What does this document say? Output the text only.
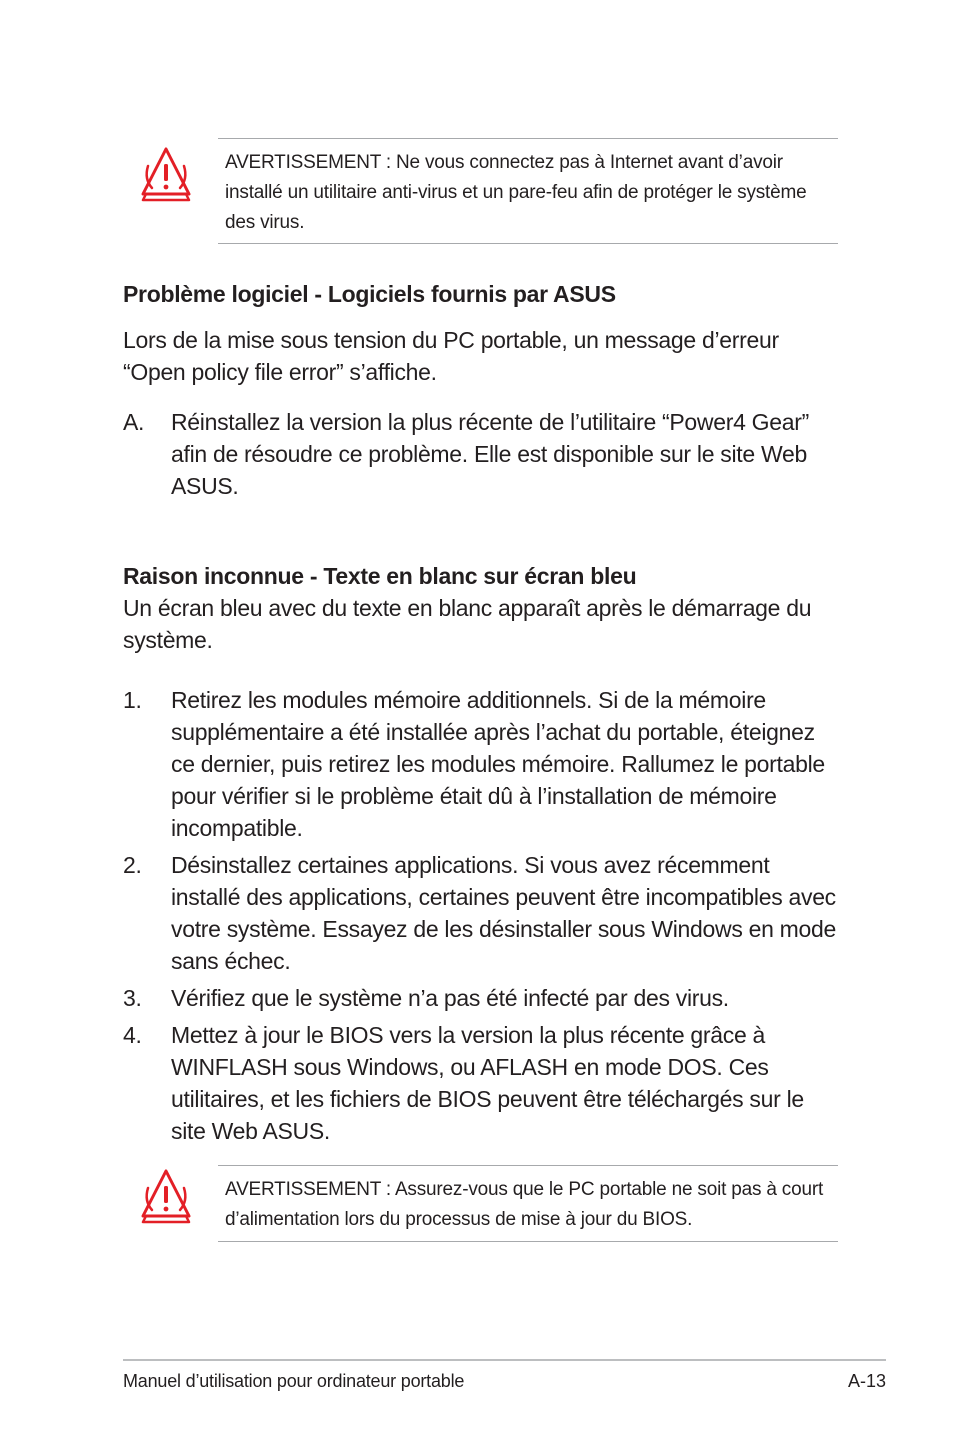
AVERTISSEMENT : Ne vous connectez pas à Internet avant d’avoir installé un utilitaire anti-virus et un pare-feu afin de protéger le système des virus.

Problème logiciel - Logiciels fournis par ASUS

Lors de la mise sous tension du PC portable, un message d’erreur “Open policy file error” s’affiche.

A. Réinstallez la version la plus récente de l’utilitaire “Power4 Gear” afin de résoudre ce problème. Elle est disponible sur le site Web ASUS.
Raison inconnue - Texte en blanc sur écran bleu

Un écran bleu avec du texte en blanc apparaît après le démarrage du système.

1. Retirez les modules mémoire additionnels. Si de la mémoire supplémentaire a été installée après l’achat du portable, éteignez ce dernier, puis retirez les modules mémoire. Rallumez le portable pour vérifier si le problème était dû à l’installation de mémoire incompatible.
2. Désinstallez certaines applications. Si vous avez récemment installé des applications, certaines peuvent être incompatibles avec votre système. Essayez de les désinstaller sous Windows en mode sans échec.
3. Vérifiez que le système n’a pas été infecté par des virus.
4. Mettez à jour le BIOS vers la version la plus récente grâce à WINFLASH sous Windows, ou AFLASH en mode DOS. Ces utilitaires, et les fichiers de BIOS peuvent être téléchargés sur le site Web ASUS.

AVERTISSEMENT : Assurez-vous que le PC portable ne soit pas à court d’alimentation lors du processus de mise à jour du BIOS.

Manuel d’utilisation pour ordinateur portable	A-13
